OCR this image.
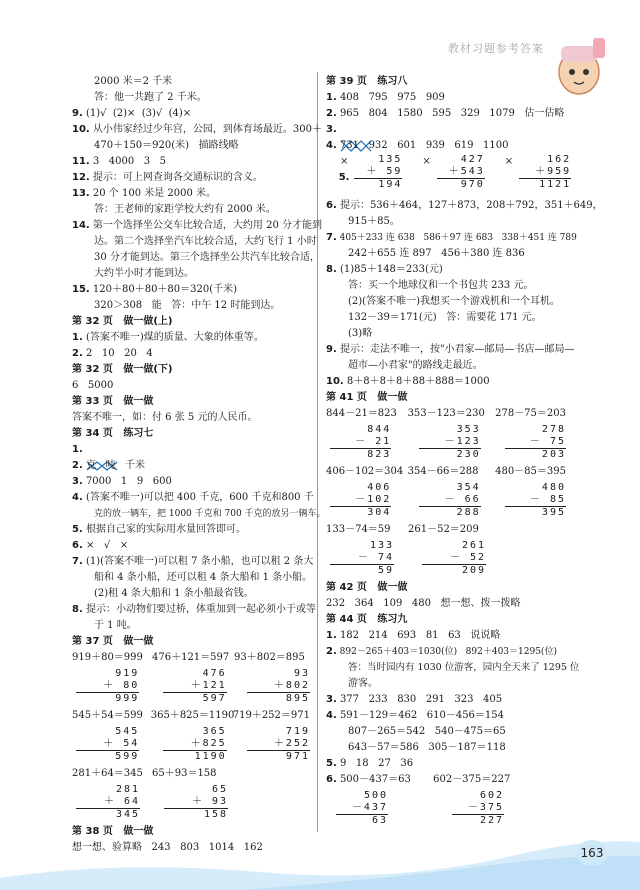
教材习题参考答案
2000 米＝2 千米
答：他一共跑了 2 千米。
9. (1)√  (2)×  (3)√  (4)×
10. 从小伟家经过少年宫，公园，到体育场最近。300＋
470＋150＝920(米)   描路线略
11. 3   4000   3   5
12. 提示：可上网查询各交通标识的含义。
13. 20 个 100 米是 2000 米。
答：王老师的家距学校大约有 2000 米。
14. 第一个选择坐公交车比较合适，大约用 20 分才能到
达。第二个选择坐汽车比较合适，大约飞行 1 小时
30 分才能到达。第三个选择坐公共汽车比较合适，
大约半小时才能到达。
15. 120＋80＋80＋80＝320(千米)
320＞308   能   答：中午 12 时能到达。
第 32 页   做一做(上)
1. (答案不唯一)煤的质量、大象的体重等。
2. 2   10   20   4
第 32 页   做一做(下)
6   5000
第 33 页   做一做
答案不唯一，如：付 6 张 5 元的人民币。
第 34 页   练习七
1.

2. 克   吨   千米
3. 7000   1   9   600
4. (答案不唯一)可以把 400 千克，600 千克和800 千
克的放一辆车，把 1000 千克和 700 千克的放另一辆车。
5. 根据自己家的实际用水量回答即可。
6. ×   √   ×
7. (1)(答案不唯一)可以租 7 条小船，也可以租 2 条大
船和 4 条小船，还可以租 4 条大船和 1 条小船。
(2)租 4 条大船和 1 条小船最省钱。
8. 提示：小动物们要过桥，体重加到一起必须小于或等
于 1 吨。
第 37 页   做一做
919＋80＝999 476＋121＝597 93＋802＝895
919
＋ 80
999
476
＋121
597
93
＋802
895
545＋54＝599 365＋825＝1190
719＋252＝971
545
＋ 54
599
365
＋825
1190
719
＋252
971
281＋64＝345 65＋93＝158
281
＋ 64
345
65
＋ 93
158
第 38 页   做一做
想一想、验算略   243   803   1014   162
第 39 页   练习八
1. 408   795   975   909
2. 965   804   1580   595   329   1079   估一估略
3.

4. 731   932   601   939   619   1100

5.

×	135
＋ 59
194
×	427
＋543
970
×	162
＋959
1121

6. 提示：536＋464，127＋873，208＋792，351＋649，
915＋85。
7. 405＋233 连 638   586＋97 连 683   338＋451 连 789
242＋655 连 897   456＋380 连 836
8. (1)85＋148＝233(元)
答：买一个地球仪和一个书包共 233 元。
(2)(答案不唯一)我想买一个游戏机和一个耳机。
132－39＝171(元)   答：需要花 171 元。
(3)略
9. 提示：走法不唯一，按"小君家—邮局—书店—邮局—
超市—小君家"的路线走最近。
10. 8＋8＋8＋8＋88＋888＝1000
第 41 页   做一做
844－21＝823	353－123＝230	278－75＝203
844
－ 21
823
353
－123
230
278
－ 75
203
406－102＝304 354－66＝288	480－85＝395
406
－102
304
354
－ 66
288
480
－ 85
395
133－74＝59	261－52＝209
133
－ 74
59
261
－ 52
209
第 42 页   做一做
232   364   109   480   想一想、拨一拨略
第 44 页   练习九
1. 182   214   693   81   63   说说略
2. 892－265＋403＝1030(位)   892＋403＝1295(位)
答：当时园内有 1030 位游客，园内全天来了 1295 位
游客。
3. 377   233   830   291   323   405
4. 591－129＝462   610－456＝154
807－265＝542   540－475＝65
643－57＝586   305－187＝118
5. 9   18   27   36
6. 500－437＝63       602－375＝227
500
－437
63
602
－375
227
163
